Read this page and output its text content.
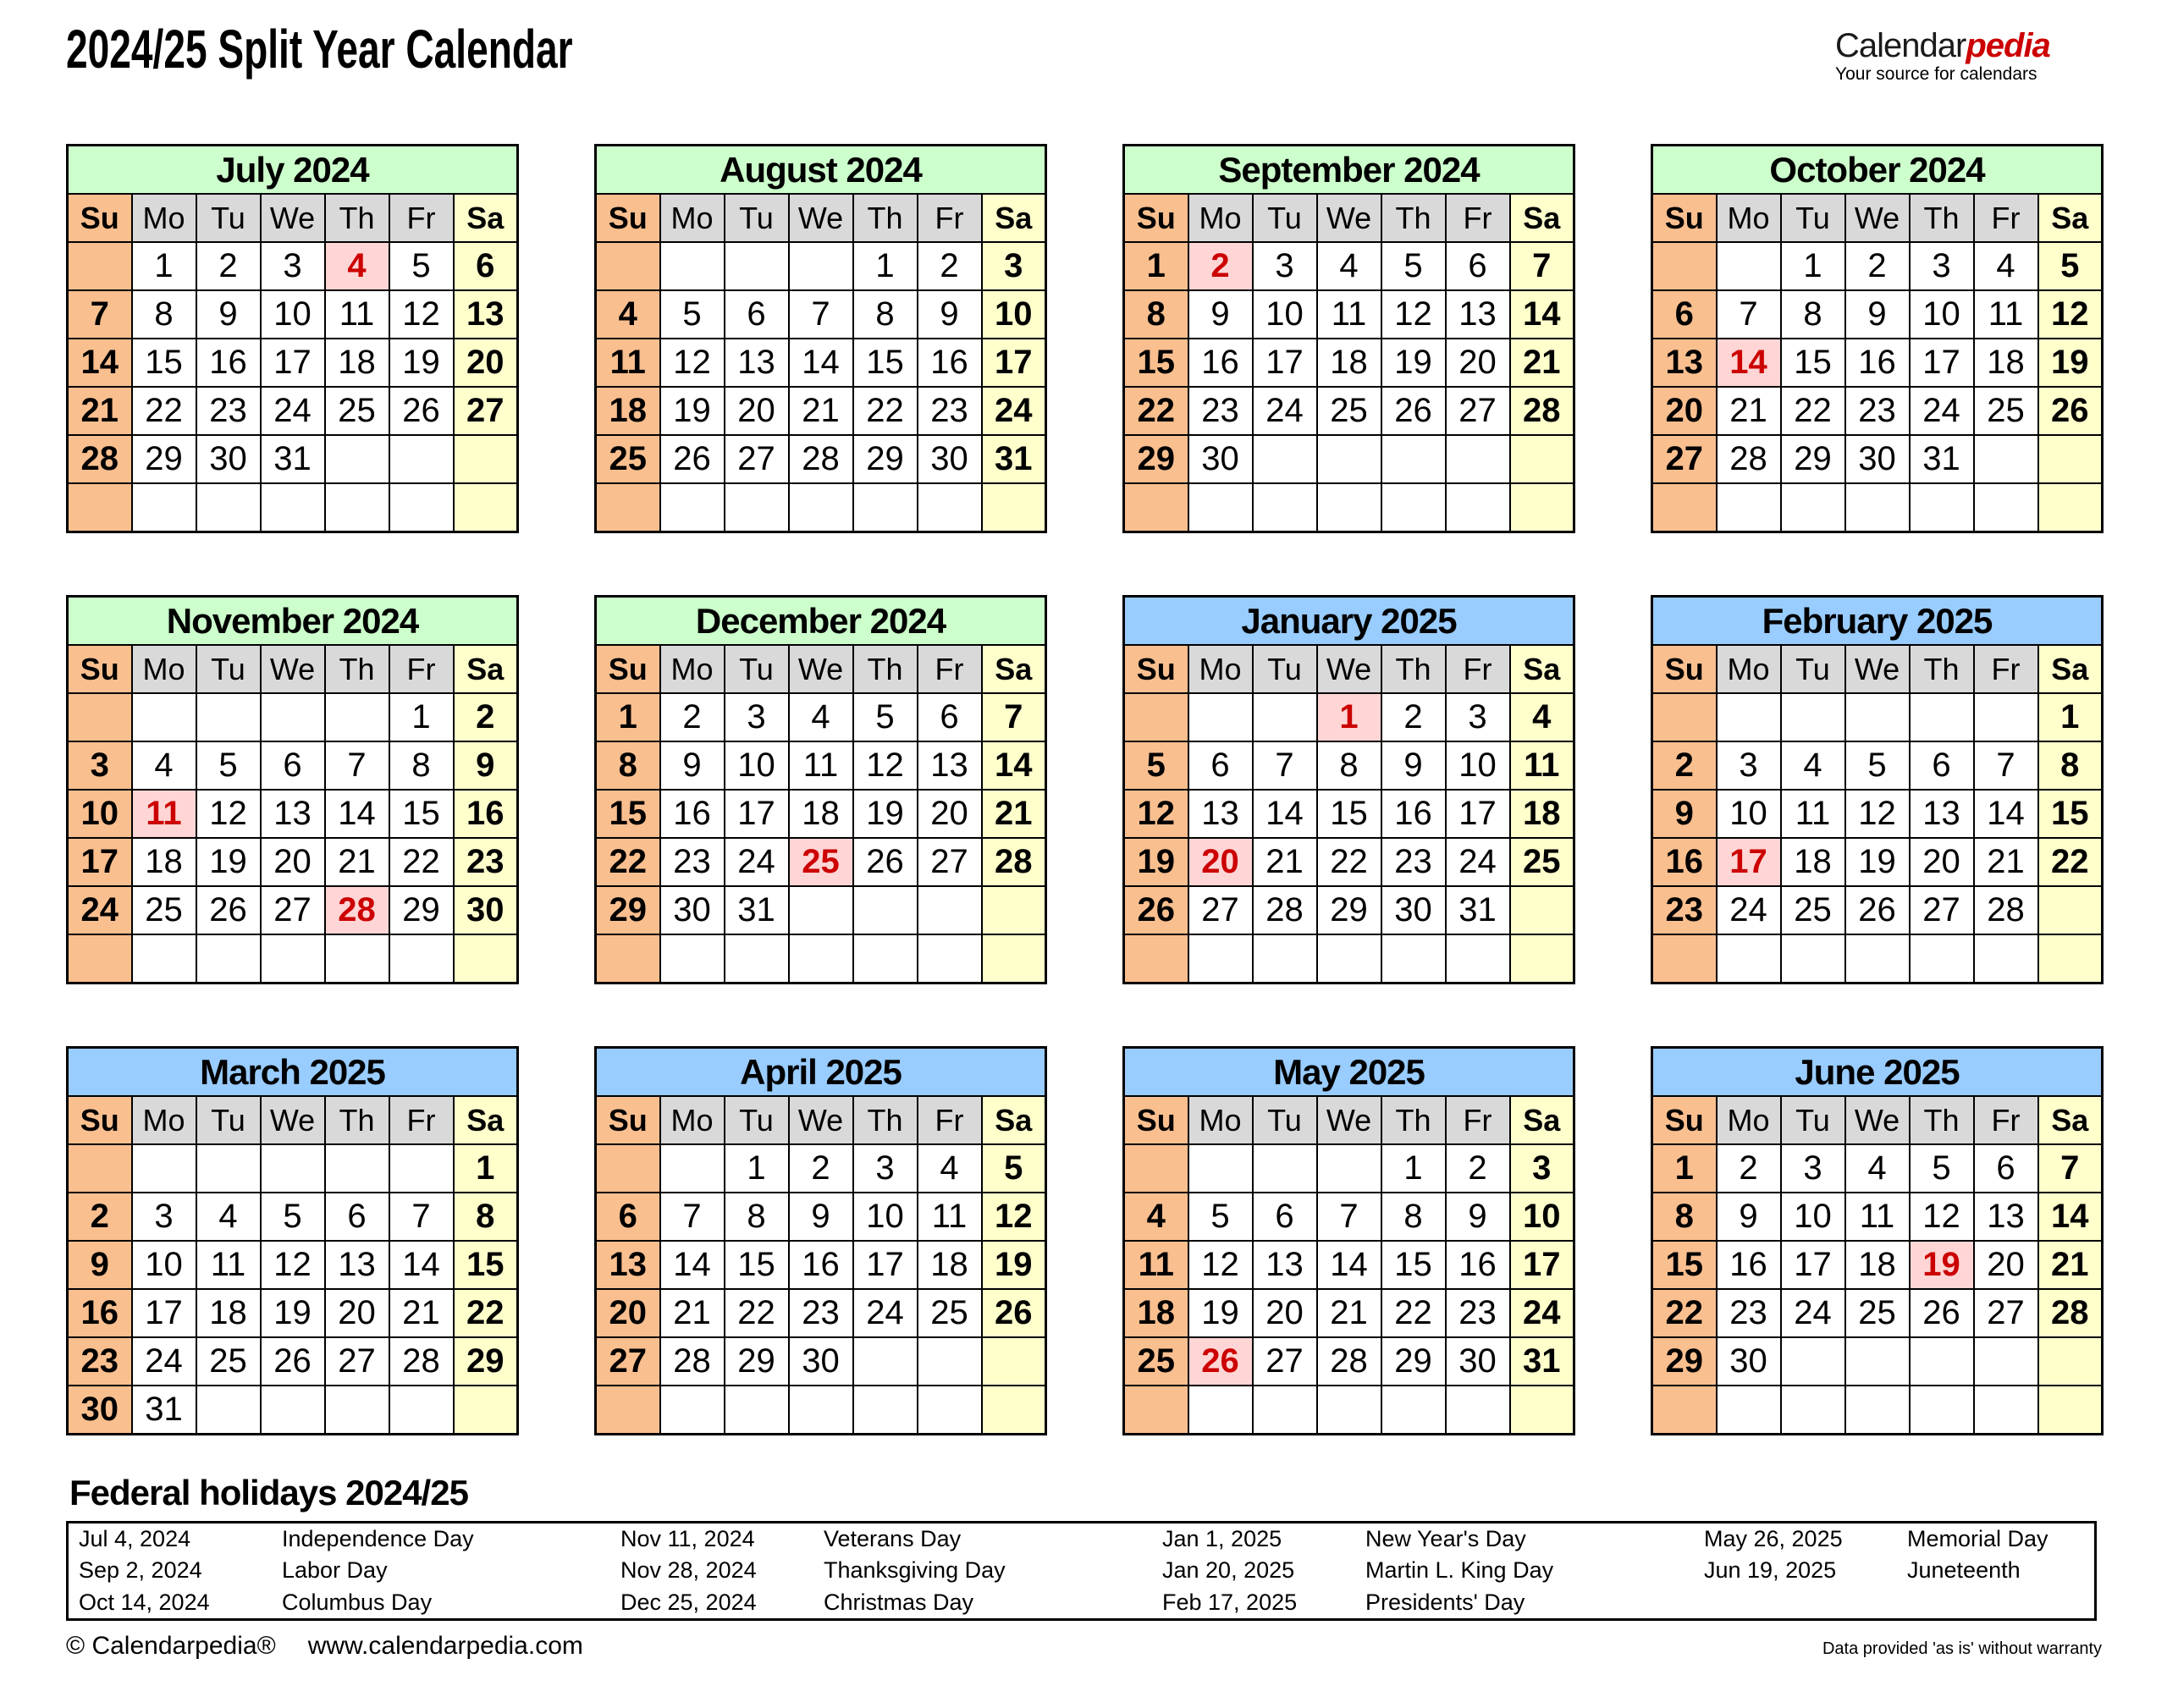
2024/25 Split Year Calendar	Calendarpedia
Your source for calendars
July 2024						
Su	Mo	Tu	We	Th	Fr	Sa
	1	2	3	4	5	6
7	8	9	10	11	12	13
14	15	16	17	18	19	20
21	22	23	24	25	26	27
28	29	30	31			

August 2024						
Su	Mo	Tu	We	Th	Fr	Sa
				1	2	3
4	5	6	7	8	9	10
11	12	13	14	15	16	17
18	19	20	21	22	23	24
25	26	27	28	29	30	31

September 2024						
Su	Mo	Tu	We	Th	Fr	Sa
1	2	3	4	5	6	7
8	9	10	11	12	13	14
15	16	17	18	19	20	21
22	23	24	25	26	27	28
29	30					

October 2024						
Su	Mo	Tu	We	Th	Fr	Sa
		1	2	3	4	5
6	7	8	9	10	11	12
13	14	15	16	17	18	19
20	21	22	23	24	25	26
27	28	29	30	31		

November 2024						
Su	Mo	Tu	We	Th	Fr	Sa
					1	2
3	4	5	6	7	8	9
10	11	12	13	14	15	16
17	18	19	20	21	22	23
24	25	26	27	28	29	30

December 2024						
Su	Mo	Tu	We	Th	Fr	Sa
1	2	3	4	5	6	7
8	9	10	11	12	13	14
15	16	17	18	19	20	21
22	23	24	25	26	27	28
29	30	31				

January 2025						
Su	Mo	Tu	We	Th	Fr	Sa
			1	2	3	4
5	6	7	8	9	10	11
12	13	14	15	16	17	18
19	20	21	22	23	24	25
26	27	28	29	30	31	

February 2025						
Su	Mo	Tu	We	Th	Fr	Sa
						1
2	3	4	5	6	7	8
9	10	11	12	13	14	15
16	17	18	19	20	21	22
23	24	25	26	27	28	

March 2025						
Su	Mo	Tu	We	Th	Fr	Sa
						1
2	3	4	5	6	7	8
9	10	11	12	13	14	15
16	17	18	19	20	21	22
23	24	25	26	27	28	29
30	31					
April 2025						
Su	Mo	Tu	We	Th	Fr	Sa
		1	2	3	4	5
6	7	8	9	10	11	12
13	14	15	16	17	18	19
20	21	22	23	24	25	26
27	28	29	30			

May 2025						
Su	Mo	Tu	We	Th	Fr	Sa
				1	2	3
4	5	6	7	8	9	10
11	12	13	14	15	16	17
18	19	20	21	22	23	24
25	26	27	28	29	30	31

June 2025						
Su	Mo	Tu	We	Th	Fr	Sa
1	2	3	4	5	6	7
8	9	10	11	12	13	14
15	16	17	18	19	20	21
22	23	24	25	26	27	28
29	30					

Federal holidays 2024/25
Jul 4, 2024	Independence Day	Nov 11, 2024	Veterans Day	Jan 1, 2025	New Year's Day	May 26, 2025	Memorial Day
Sep 2, 2024	Labor Day	Nov 28, 2024	Thanksgiving Day	Jan 20, 2025	Martin L. King Day	Jun 19, 2025	Juneteenth
Oct 14, 2024	Columbus Day	Dec 25, 2024	Christmas Day	Feb 17, 2025	Presidents' Day
© Calendarpedia® www.calendarpedia.com	Data provided 'as is' without warranty
